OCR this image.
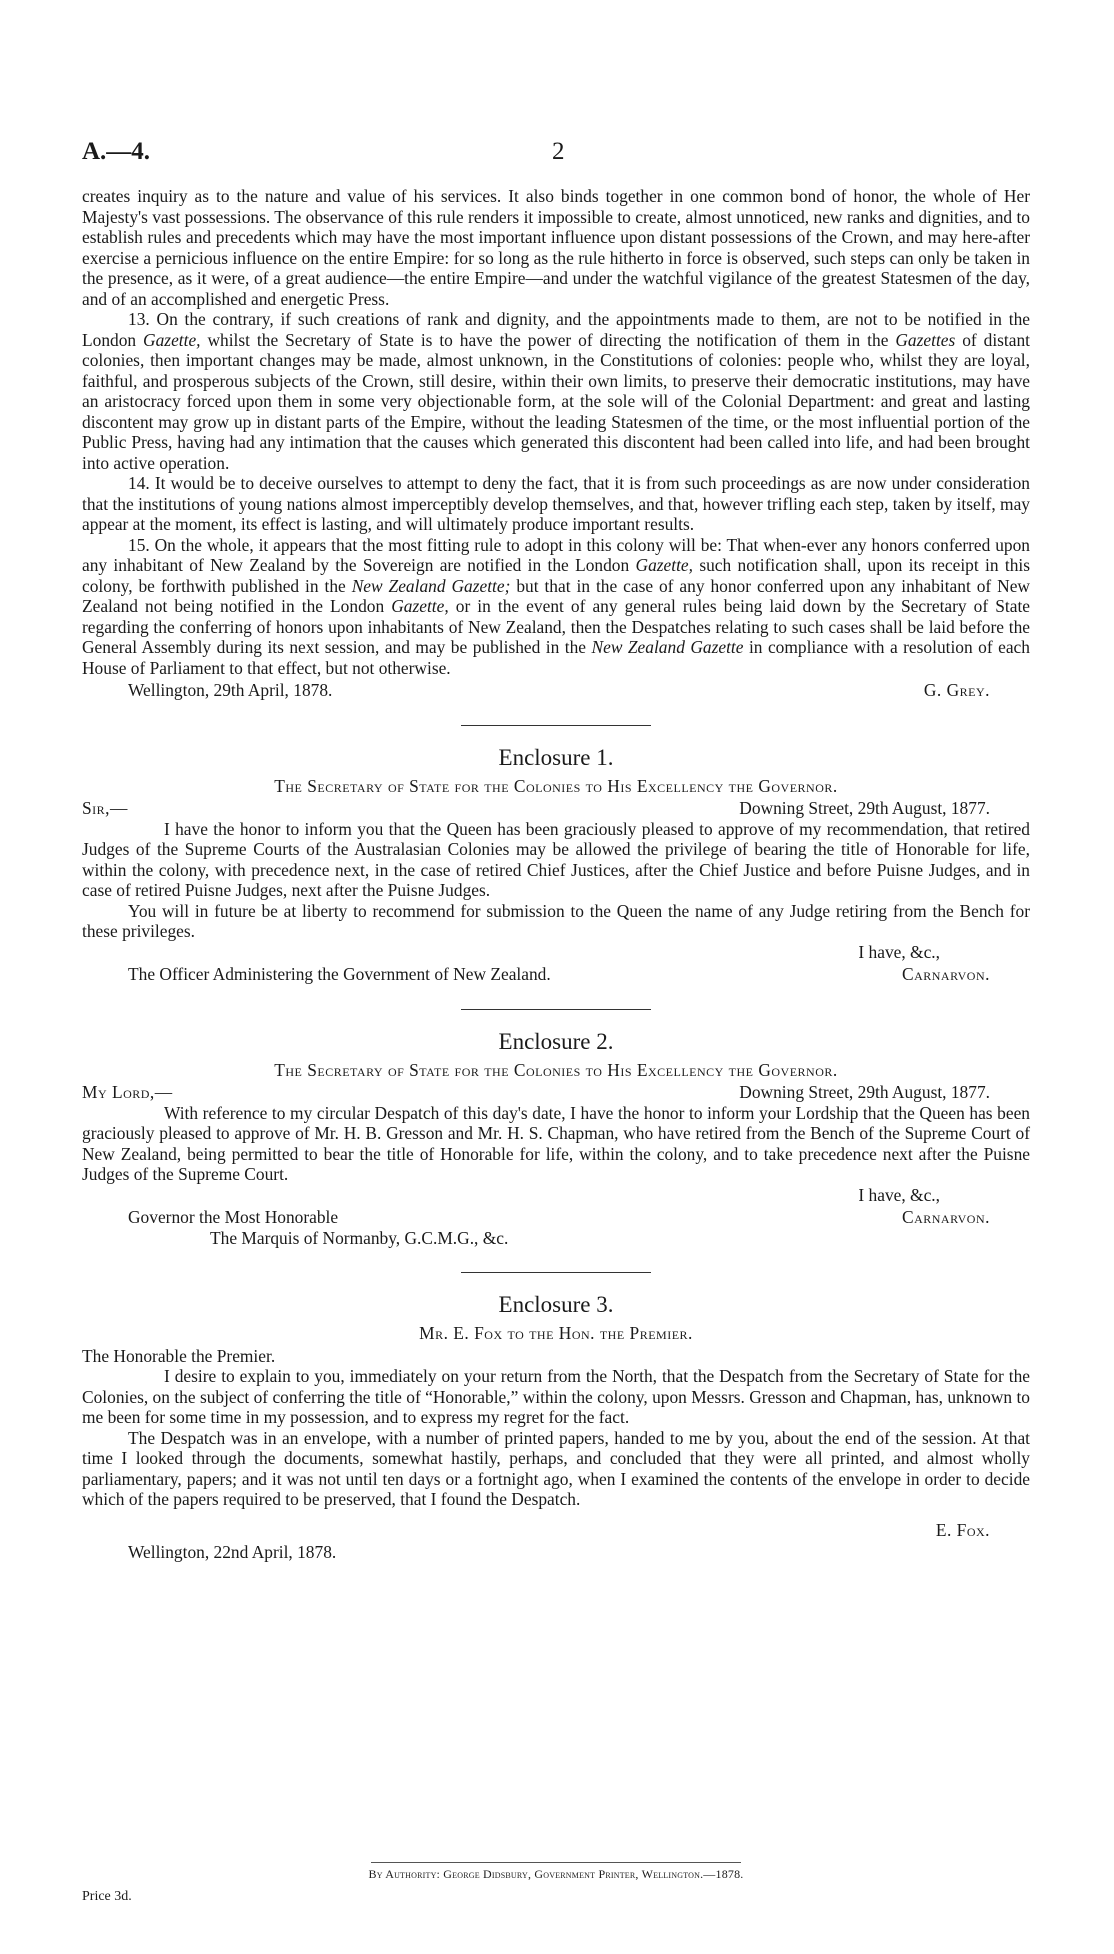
A.—4.	2

creates inquiry as to the nature and value of his services. It also binds together in one common bond of honor, the whole of Her Majesty's vast possessions. The observance of this rule renders it impossible to create, almost unnoticed, new ranks and dignities, and to establish rules and precedents which may have the most important influence upon distant possessions of the Crown, and may here-after exercise a pernicious influence on the entire Empire: for so long as the rule hitherto in force is observed, such steps can only be taken in the presence, as it were, of a great audience—the entire Empire—and under the watchful vigilance of the greatest Statesmen of the day, and of an accomplished and energetic Press.

13. On the contrary, if such creations of rank and dignity, and the appointments made to them, are not to be notified in the London Gazette, whilst the Secretary of State is to have the power of directing the notification of them in the Gazettes of distant colonies, then important changes may be made, almost unknown, in the Constitutions of colonies: people who, whilst they are loyal, faithful, and prosperous subjects of the Crown, still desire, within their own limits, to preserve their democratic institutions, may have an aristocracy forced upon them in some very objectionable form, at the sole will of the Colonial Department: and great and lasting discontent may grow up in distant parts of the Empire, without the leading Statesmen of the time, or the most influential portion of the Public Press, having had any intimation that the causes which generated this discontent had been called into life, and had been brought into active operation.

14. It would be to deceive ourselves to attempt to deny the fact, that it is from such proceedings as are now under consideration that the institutions of young nations almost imperceptibly develop themselves, and that, however trifling each step, taken by itself, may appear at the moment, its effect is lasting, and will ultimately produce important results.

15. On the whole, it appears that the most fitting rule to adopt in this colony will be: That when-ever any honors conferred upon any inhabitant of New Zealand by the Sovereign are notified in the London Gazette, such notification shall, upon its receipt in this colony, be forthwith published in the New Zealand Gazette; but that in the case of any honor conferred upon any inhabitant of New Zealand not being notified in the London Gazette, or in the event of any general rules being laid down by the Secretary of State regarding the conferring of honors upon inhabitants of New Zealand, then the Despatches relating to such cases shall be laid before the General Assembly during its next session, and may be published in the New Zealand Gazette in compliance with a resolution of each House of Parliament to that effect, but not otherwise.

Wellington, 29th April, 1878.	G. Grey.
Enclosure 1.
The Secretary of State for the Colonies to His Excellency the Governor.
Sir,—	Downing Street, 29th August, 1877.

I have the honor to inform you that the Queen has been graciously pleased to approve of my recommendation, that retired Judges of the Supreme Courts of the Australasian Colonies may be allowed the privilege of bearing the title of Honorable for life, within the colony, with precedence next, in the case of retired Chief Justices, after the Chief Justice and before Puisne Judges, and in case of retired Puisne Judges, next after the Puisne Judges.

You will in future be at liberty to recommend for submission to the Queen the name of any Judge retiring from the Bench for these privileges.

I have, &c.,
The Officer Administering the Government of New Zealand.	Carnarvon.
Enclosure 2.
The Secretary of State for the Colonies to His Excellency the Governor.
My Lord,—	Downing Street, 29th August, 1877.

With reference to my circular Despatch of this day's date, I have the honor to inform your Lordship that the Queen has been graciously pleased to approve of Mr. H. B. Gresson and Mr. H. S. Chapman, who have retired from the Bench of the Supreme Court of New Zealand, being permitted to bear the title of Honorable for life, within the colony, and to take precedence next after the Puisne Judges of the Supreme Court.

I have, &c.,
Governor the Most Honorable	Carnarvon.
The Marquis of Normanby, G.C.M.G., &c.
Enclosure 3.
Mr. E. Fox to the Hon. the Premier.
The Honorable the Premier.

I desire to explain to you, immediately on your return from the North, that the Despatch from the Secretary of State for the Colonies, on the subject of conferring the title of “Honorable,” within the colony, upon Messrs. Gresson and Chapman, has, unknown to me been for some time in my possession, and to express my regret for the fact.

The Despatch was in an envelope, with a number of printed papers, handed to me by you, about the end of the session. At that time I looked through the documents, somewhat hastily, perhaps, and concluded that they were all printed, and almost wholly parliamentary, papers; and it was not until ten days or a fortnight ago, when I examined the contents of the envelope in order to decide which of the papers required to be preserved, that I found the Despatch.

E. Fox.
Wellington, 22nd April, 1878.
By Authority: George Didsbury, Government Printer, Wellington.—1878.
Price 3d.
